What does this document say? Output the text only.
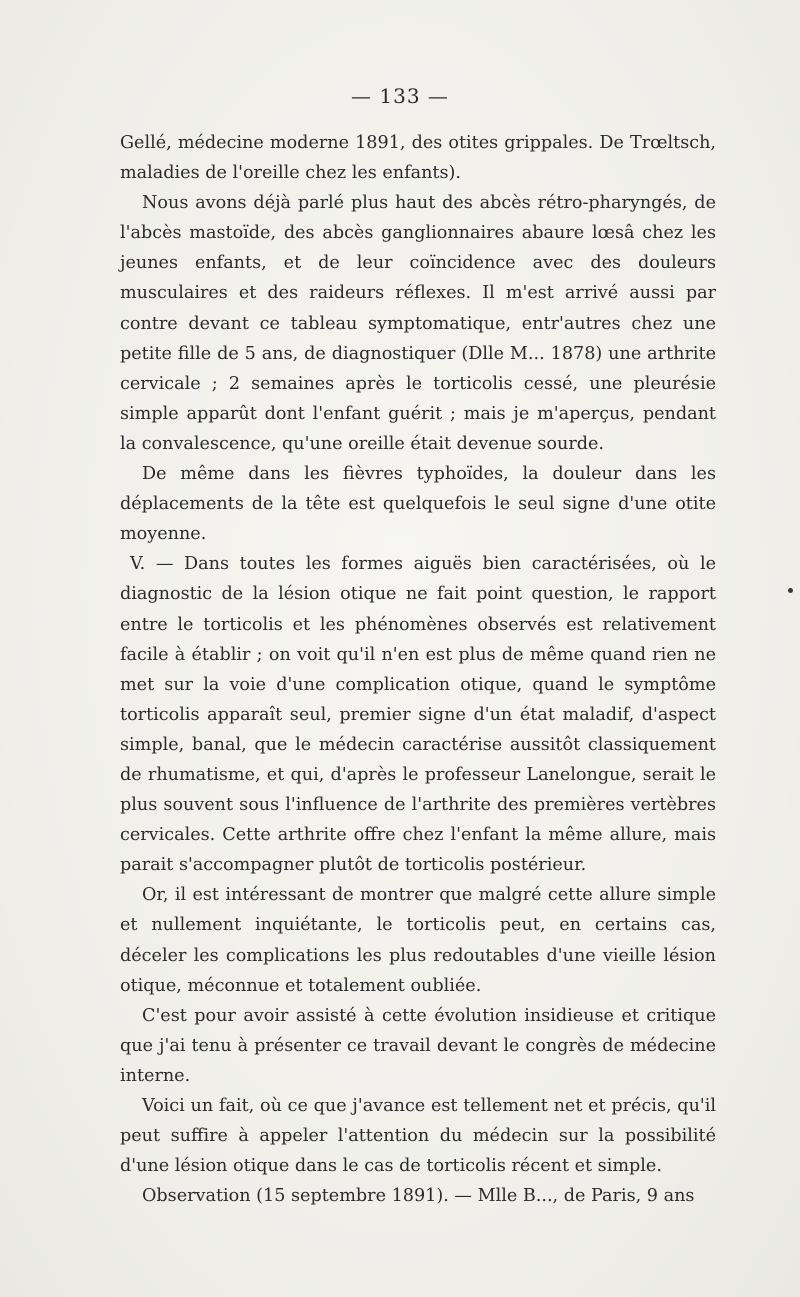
— 133 —

Gellé, médecine moderne 1891, des otites grippales. De Trœltsch, maladies de l'oreille chez les enfants).

Nous avons déjà parlé plus haut des abcès rétro-pharyngés, de l'abcès mastoïde, des abcès ganglionnaires abaure lœsâ chez les jeunes enfants, et de leur coïncidence avec des douleurs musculaires et des raideurs réflexes. Il m'est arrivé aussi par contre devant ce tableau symptomatique, entr'autres chez une petite fille de 5 ans, de diagnostiquer (Dlle M... 1878) une arthrite cervicale ; 2 semaines après le torticolis cessé, une pleurésie simple apparût dont l'enfant guérit ; mais je m'aperçus, pendant la convalescence, qu'une oreille était devenue sourde.

De même dans les fièvres typhoïdes, la douleur dans les déplacements de la tête est quelquefois le seul signe d'une otite moyenne.

V. — Dans toutes les formes aiguës bien caractérisées, où le diagnostic de la lésion otique ne fait point question, le rapport entre le torticolis et les phénomènes observés est relativement facile à établir ; on voit qu'il n'en est plus de même quand rien ne met sur la voie d'une complication otique, quand le symptôme torticolis apparaît seul, premier signe d'un état maladif, d'aspect simple, banal, que le médecin caractérise aussitôt classiquement de rhumatisme, et qui, d'après le professeur Lanelongue, serait le plus souvent sous l'influence de l'arthrite des premières vertèbres cervicales. Cette arthrite offre chez l'enfant la même allure, mais parait s'accompagner plutôt de torticolis postérieur.

Or, il est intéressant de montrer que malgré cette allure simple et nullement inquiétante, le torticolis peut, en certains cas, déceler les complications les plus redoutables d'une vieille lésion otique, méconnue et totalement oubliée.

C'est pour avoir assisté à cette évolution insidieuse et critique que j'ai tenu à présenter ce travail devant le congrès de médecine interne.

Voici un fait, où ce que j'avance est tellement net et précis, qu'il peut suffire à appeler l'attention du médecin sur la possibilité d'une lésion otique dans le cas de torticolis récent et simple.

Observation (15 septembre 1891). — Mlle B..., de Paris, 9 ans
